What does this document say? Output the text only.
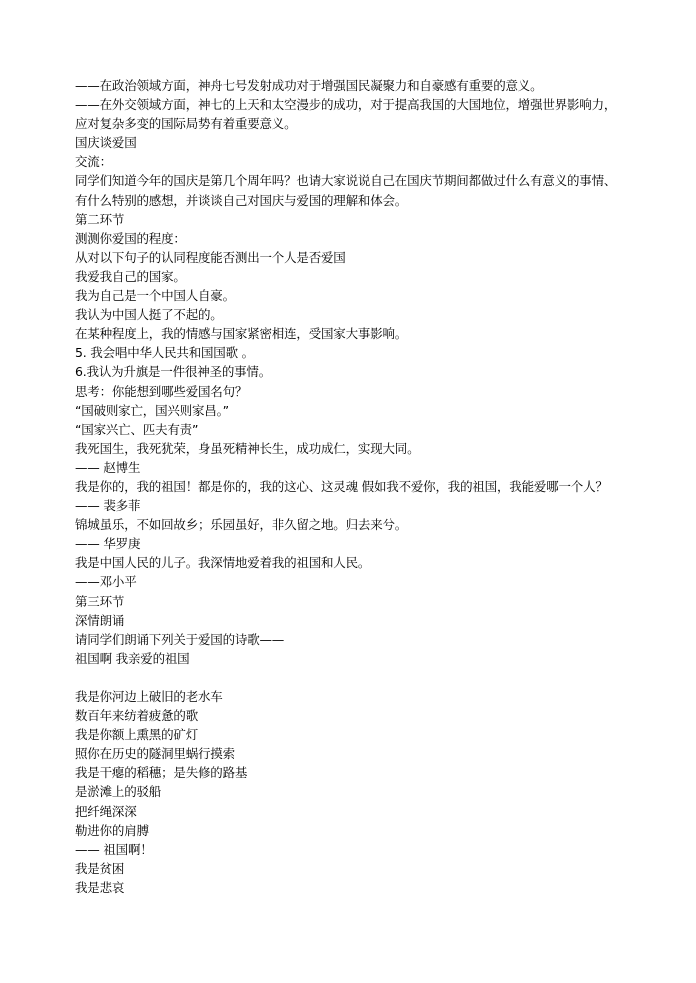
——在政治领域方面，神舟七号发射成功对于增强国民凝聚力和自豪感有重要的意义。
——在外交领域方面，神七的上天和太空漫步的成功，对于提高我国的大国地位，增强世界影响力，
应对复杂多变的国际局势有着重要意义。
国庆谈爱国
交流：
同学们知道今年的国庆是第几个周年吗？也请大家说说自己在国庆节期间都做过什么有意义的事情、
有什么特别的感想，并谈谈自己对国庆与爱国的理解和体会。
第二环节
测测你爱国的程度：
从对以下句子的认同程度能否测出一个人是否爱国
我爱我自己的国家。
我为自己是一个中国人自豪。
我认为中国人挺了不起的。
在某种程度上，我的情感与国家紧密相连，受国家大事影响。
5. 我会唱中华人民共和国国歌 。
6.我认为升旗是一件很神圣的事情。
思考：你能想到哪些爱国名句？
“国破则家亡，国兴则家昌。”
“国家兴亡、匹夫有责”
我死国生，我死犹荣，身虽死精神长生，成功成仁，实现大同。
—— 赵博生
我是你的，我的祖国！都是你的，我的这心、这灵魂 假如我不爱你，我的祖国，我能爱哪一个人？
—— 裴多菲
锦城虽乐，不如回故乡；乐园虽好，非久留之地。归去来兮。
—— 华罗庚
我是中国人民的儿子。我深情地爱着我的祖国和人民。
——邓小平
第三环节
深情朗诵
请同学们朗诵下列关于爱国的诗歌——
祖国啊 我亲爱的祖国
我是你河边上破旧的老水车
数百年来纺着疲惫的歌
我是你额上熏黑的矿灯
照你在历史的隧洞里蜗行摸索
我是干瘪的稻穗；是失修的路基
是淤滩上的驳船
把纤绳深深
勒进你的肩膊
—— 祖国啊！
我是贫困
我是悲哀
